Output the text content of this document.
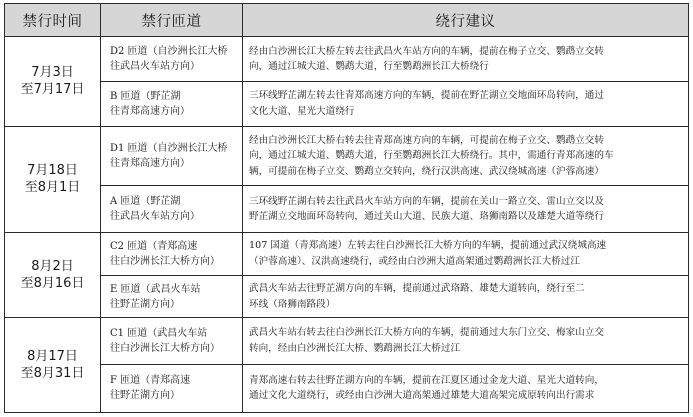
禁行时间	禁行匝道	绕行建议

7月3日
至7月17日	D2 匝道（自沙洲长江大桥
往武昌火车站方向）	经由白沙洲长江大桥左转去往武昌火车站方向的车辆，提前在梅子立交、鹦鹉立交转
向，通过江城大道、鹦鹉大道，行至鹦鹉洲长江大桥绕行

	B 匝道（野芷湖
往青郑高速方向）	三环线野芷湖左转去往青郑高速方向的车辆，提前在野芷湖立交地面环岛转向，通过
文化大道、星光大道绕行

7月18日
至8月1日	D1 匝道（自沙洲长江大桥
往青郑高速方向）	经由白沙洲长江大桥右转去往青郑高速方向的车辆，可提前在梅子立交、鹦鹉立交转
向，通过江城大道、鹦鹉大道，行至鹦鹉洲长江大桥绕行。其中，需通行青郑高速的车
辆，可提前在梅子立交、鹦鹉立交转向，绕行汉洪高速、武汉绕城高速（沪蓉高速）

	A 匝道（野芷湖
往武昌火车站方向）	三环线野芷湖右转去往武昌火车站方向的车辆，提前在关山一路立交、雷山立交以及
野芷湖立交地面环岛转向，通过关山大道、民族大道、珞狮南路以及雄楚大道等绕行

8月2日
至8月16日	C2 匝道（青郑高速
往白沙洲长江大桥方向）	107 国道（青郑高速）左转去往白沙洲长江大桥方向的车辆，提前通过武汉绕城高速
（沪蓉高速）、汉洪高速绕行，或经由白沙洲大道高架通过鹦鹉洲长江大桥过江

	E 匝道（武昌火车站
往野芷湖方向）	武昌火车站去往野芷湖方向的车辆，提前通过武珞路、雄楚大道转向，绕行至二
环线（珞狮南路段）

8月17日
至8月31日	C1 匝道（武昌火车站
往白沙洲长江大桥方向）	武昌火车站右转去往白沙洲长江大桥方向的车辆，提前通过大东门立交、梅家山立交
转向，经由白沙洲长江大桥、鹦鹉洲长江大桥过江

	F 匝道（青郑高速
往野芷湖方向）	青郑高速右转去往野芷湖方向的车辆，提前在江夏区通过金龙大道、星光大道转向，
通过文化大道绕行，或经由白沙洲大道高架通过雄楚大道高架完成原转向出行需求
